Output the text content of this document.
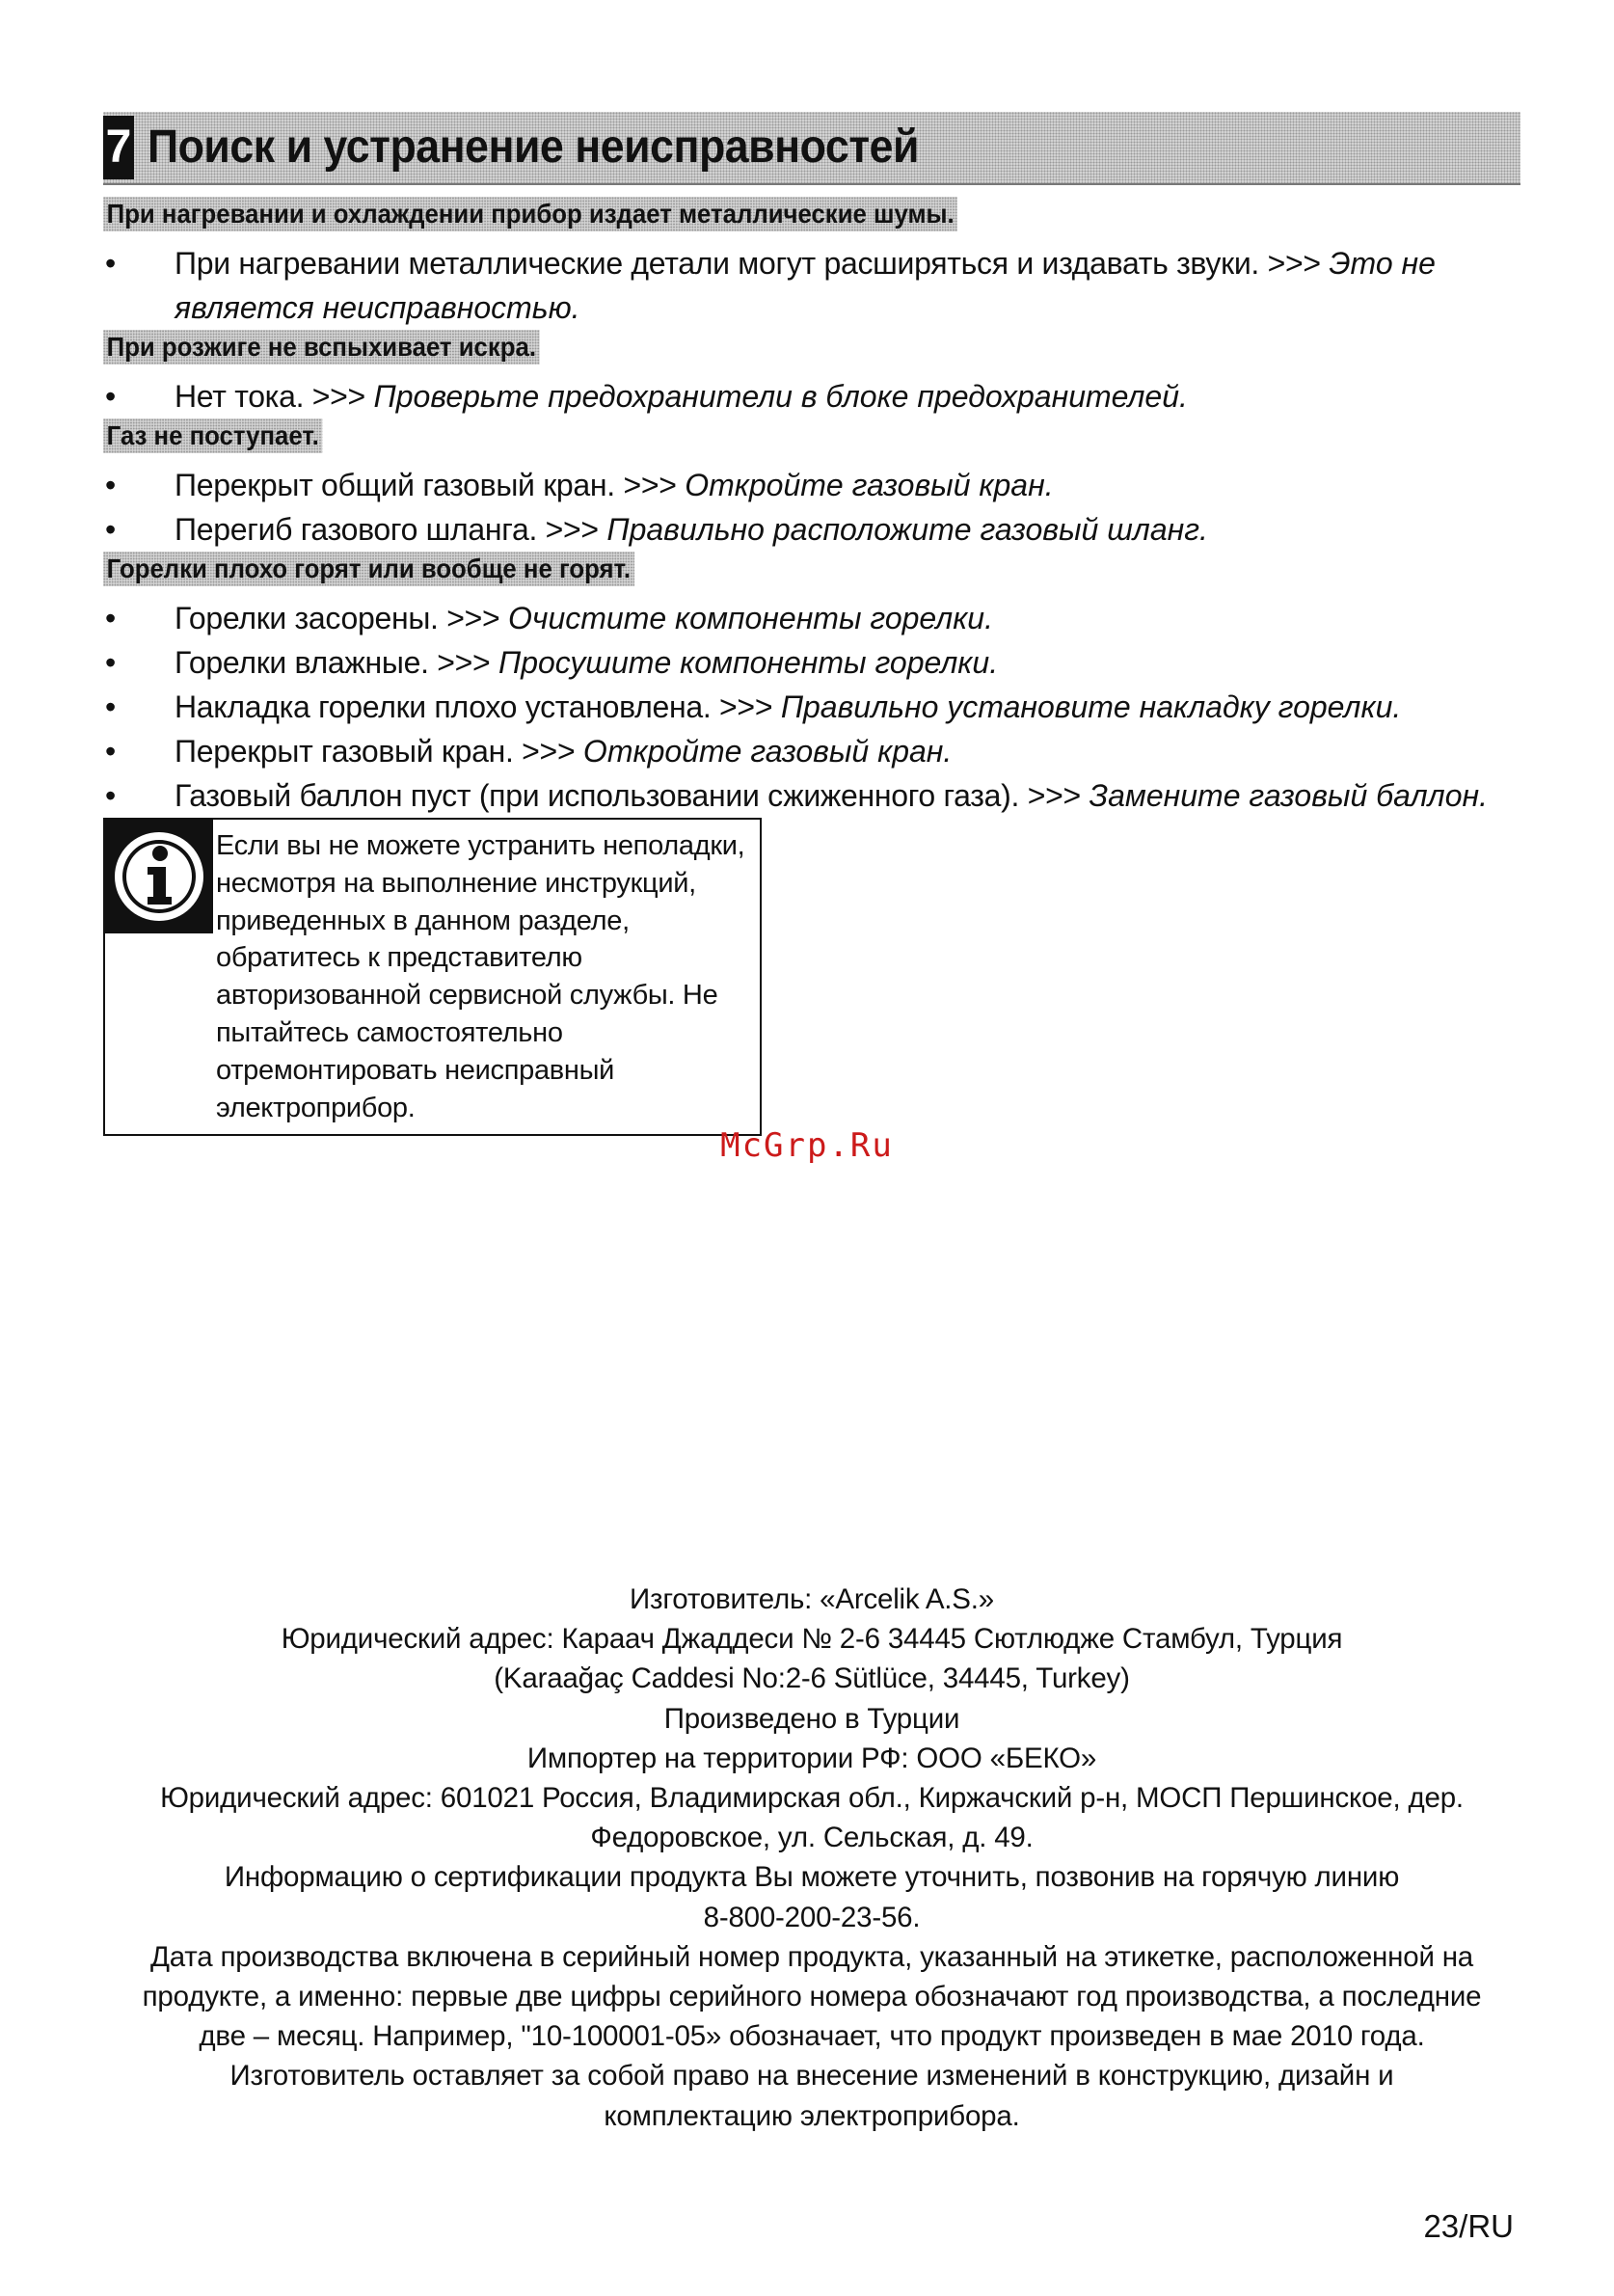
7 Поиск и устранение неисправностей
При нагревании и охлаждении прибор издает металлические шумы.
• При нагревании металлические детали могут расширяться и издавать звуки. >>> Это не
является неисправностью.
При розжиге не вспыхивает искра.
• Нет тока. >>> Проверьте предохранители в блоке предохранителей.
Газ не поступает.
• Перекрыт общий газовый кран. >>> Откройте газовый кран.
• Перегиб газового шланга. >>> Правильно расположите газовый шланг.
Горелки плохо горят или вообще не горят.
• Горелки засорены. >>> Очистите компоненты горелки.
• Горелки влажные. >>> Просушите компоненты горелки.
• Накладка горелки плохо установлена. >>> Правильно установите накладку горелки.
• Перекрыт газовый кран. >>> Откройте газовый кран.
• Газовый баллон пуст (при использовании сжиженного газа). >>> Замените газовый баллон.
Если вы не можете устранить неполадки,
несмотря на выполнение инструкций,
приведенных в данном разделе,
обратитесь к представителю
авторизованной сервисной службы. Не
пытайтесь самостоятельно
отремонтировать неисправный
электроприбор.
McGrp.Ru
Изготовитель: «Arcelik A.S.»
Юридический адрес: Караач Джаддеси № 2-6 34445 Сютлюдже Стамбул, Турция
(Karaağaç Caddesi No:2-6 Sütlüce, 34445, Turkey)
Произведено в Турции
Импортер на территории РФ: ООО «БЕКО»
Юридический адрес: 601021 Россия, Владимирская обл., Киржачский р-н, МОСП Першинское, дер.
Федоровское, ул. Сельская, д. 49.
Информацию о сертификации продукта Вы можете уточнить, позвонив на горячую линию
8-800-200-23-56.
Дата производства включена в серийный номер продукта, указанный на этикетке, расположенной на
продукте, а именно: первые две цифры серийного номера обозначают год производства, а последние
две – месяц. Например, "10-100001-05» обозначает, что продукт произведен в мае 2010 года.
Изготовитель оставляет за собой право на внесение изменений в конструкцию, дизайн и
комплектацию электроприбора.
23/RU
